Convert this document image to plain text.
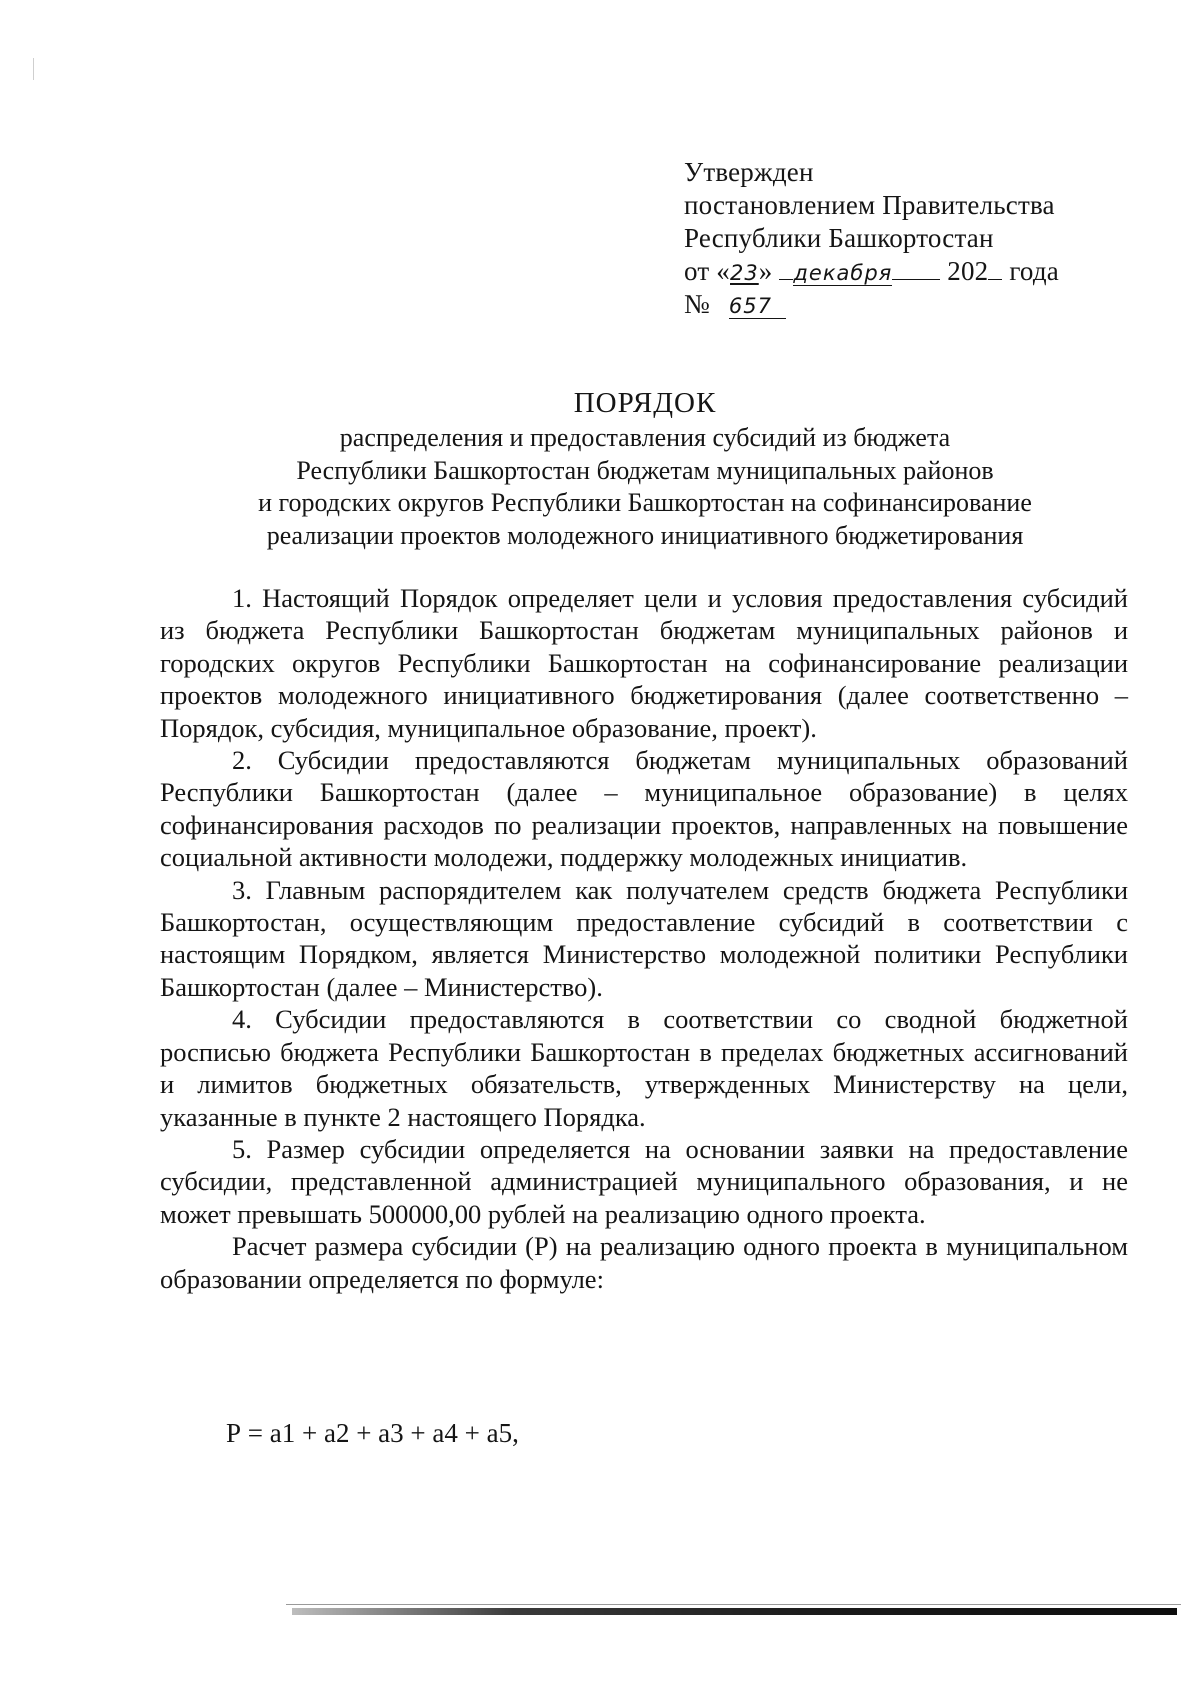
Утвержден
постановлением Правительства
Республики Башкортостан
от «23» декабря 202 года
№ 657
ПОРЯДОК
распределения и предоставления субсидий из бюджета
Республики Башкортостан бюджетам муниципальных районов
и городских округов Республики Башкортостан на софинансирование
реализации проектов молодежного инициативного бюджетирования

1. Настоящий Порядок определяет цели и условия предоставления субсидий из бюджета Республики Башкортостан бюджетам муниципальных районов и городских округов Республики Башкортостан на софинансирование реализации проектов молодежного инициативного бюджетирования (далее соответственно – Порядок, субсидия, муниципальное образование, проект).

2. Субсидии предоставляются бюджетам муниципальных образований Республики Башкортостан (далее – муниципальное образование) в целях софинансирования расходов по реализации проектов, направленных на повышение социальной активности молодежи, поддержку молодежных инициатив.

3. Главным распорядителем как получателем средств бюджета Республики Башкортостан, осуществляющим предоставление субсидий в соответствии с настоящим Порядком, является Министерство молодежной политики Республики Башкортостан (далее – Министерство).

4. Субсидии предоставляются в соответствии со сводной бюджетной росписью бюджета Республики Башкортостан в пределах бюджетных ассигнований и лимитов бюджетных обязательств, утвержденных Министерству на цели, указанные в пункте 2 настоящего Порядка.

5. Размер субсидии определяется на основании заявки на предоставление субсидии, представленной администрацией муниципального образования, и не может превышать 500000,00 рублей на реализацию одного проекта.

Расчет размера субсидии (Р) на реализацию одного проекта в муниципальном образовании определяется по формуле:

Р = а1 + а2 + а3 + а4 + а5,
